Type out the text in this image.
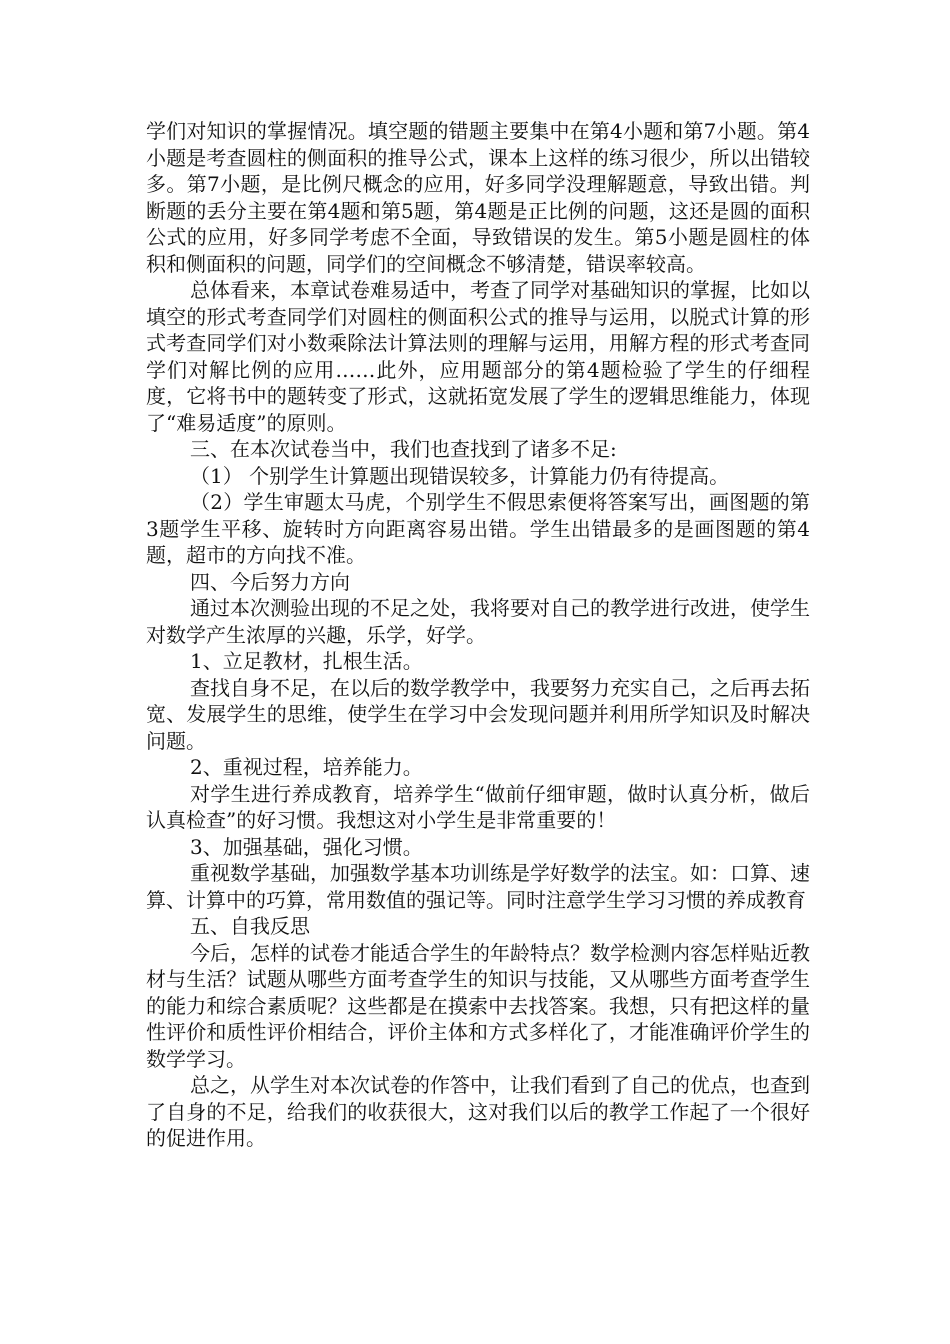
学们对知识的掌握情况。填空题的错题主要集中在第4小题和第7小题。第4小题是考查圆柱的侧面积的推导公式，课本上这样的练习很少，所以出错较多。第7小题，是比例尺概念的应用，好多同学没理解题意，导致出错。判断题的丢分主要在第4题和第5题，第4题是正比例的问题，这还是圆的面积公式的应用，好多同学考虑不全面，导致错误的发生。第5小题是圆柱的体积和侧面积的问题，同学们的空间概念不够清楚，错误率较高。

总体看来，本章试卷难易适中，考查了同学对基础知识的掌握，比如以填空的形式考查同学们对圆柱的侧面积公式的推导与运用，以脱式计算的形式考查同学们对小数乘除法计算法则的理解与运用，用解方程的形式考查同学们对解比例的应用……此外，应用题部分的第4题检验了学生的仔细程度，它将书中的题转变了形式，这就拓宽发展了学生的逻辑思维能力，体现了“难易适度”的原则。

三、在本次试卷当中，我们也查找到了诸多不足:

（1） 个别学生计算题出现错误较多，计算能力仍有待提高。

（2）学生审题太马虎，个别学生不假思索便将答案写出，画图题的第3题学生平移、旋转时方向距离容易出错。学生出错最多的是画图题的第4题，超市的方向找不准。

四、今后努力方向

通过本次测验出现的不足之处，我将要对自己的教学进行改进，使学生对数学产生浓厚的兴趣，乐学，好学。

1、立足教材，扎根生活。

查找自身不足，在以后的数学教学中，我要努力充实自己，之后再去拓宽、发展学生的思维，使学生在学习中会发现问题并利用所学知识及时解决问题。

2、重视过程，培养能力。

对学生进行养成教育，培养学生“做前仔细审题，做时认真分析，做后认真检查”的好习惯。我想这对小学生是非常重要的！

3、加强基础，强化习惯。

重视数学基础，加强数学基本功训练是学好数学的法宝。如：口算、速算、计算中的巧算，常用数值的强记等。同时注意学生学习习惯的养成教育

五、自我反思

今后，怎样的试卷才能适合学生的年龄特点？数学检测内容怎样贴近教材与生活？试题从哪些方面考查学生的知识与技能，又从哪些方面考查学生的能力和综合素质呢？这些都是在摸索中去找答案。我想，只有把这样的量性评价和质性评价相结合，评价主体和方式多样化了，才能准确评价学生的数学学习。

总之，从学生对本次试卷的作答中，让我们看到了自己的优点，也查到了自身的不足，给我们的收获很大，这对我们以后的教学工作起了一个很好的促进作用。
